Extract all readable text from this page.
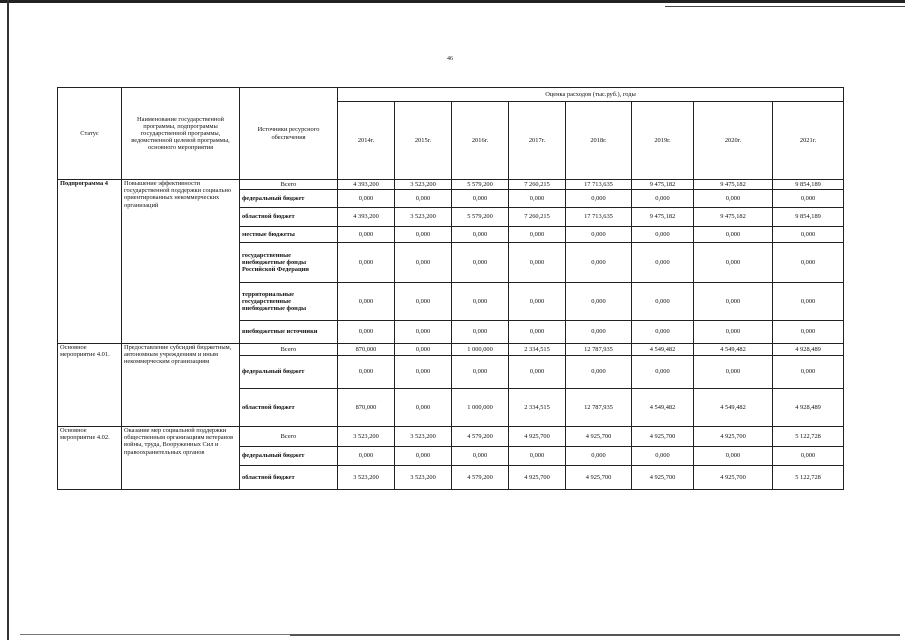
46
Статус	Наименование государственной программы, подпрограммы государственной программы, ведомственной целевой программы, основного мероприятия	Источники ресурсного обеспечения	Оценка расходов (тыс.руб.), годы							
			2014г.	2015г.	2016г.	2017г.	2018г.	2019г.	2020г.	2021г.
Подпрограмма 4	Повышение эффективности государственной поддержки социально ориентированных некоммерческих организаций	Всего	4 393,200	3 523,200	5 579,200	7 260,215	17 713,635	9 475,182	9 475,182	9 854,189
		федеральный бюджет	0,000	0,000	0,000	0,000	0,000	0,000	0,000	0,000
		областной бюджет	4 393,200	3 523,200	5 579,200	7 260,215	17 713,635	9 475,182	9 475,182	9 854,189
		местные бюджеты	0,000	0,000	0,000	0,000	0,000	0,000	0,000	0,000
		государственные внебюджетные фонды Российской Федерации	0,000	0,000	0,000	0,000	0,000	0,000	0,000	0,000
		территориальные государственные внебюджетные фонды	0,000	0,000	0,000	0,000	0,000	0,000	0,000	0,000
		внебюджетные источники	0,000	0,000	0,000	0,000	0,000	0,000	0,000	0,000
Основное мероприятие 4.01.	Предоставление субсидий бюджетным, автономным учреждениям и иным некоммерческим организациям	Всего	870,000	0,000	1 000,000	2 334,515	12 787,935	4 549,482	4 549,482	4 928,489
		федеральный бюджет	0,000	0,000	0,000	0,000	0,000	0,000	0,000	0,000
		областной бюджет	870,000	0,000	1 000,000	2 334,515	12 787,935	4 549,482	4 549,482	4 928,489
Основное мероприятие 4.02.	Оказание мер социальной поддержки общественным организациям ветеранов войны, труда, Вооруженных Сил и правоохранительных органов	Всего	3 523,200	3 523,200	4 579,200	4 925,700	4 925,700	4 925,700	4 925,700	5 122,728
		федеральный бюджет	0,000	0,000	0,000	0,000	0,000	0,000	0,000	0,000
		областной бюджет	3 523,200	3 523,200	4 579,200	4 925,700	4 925,700	4 925,700	4 925,700	5 122,728
